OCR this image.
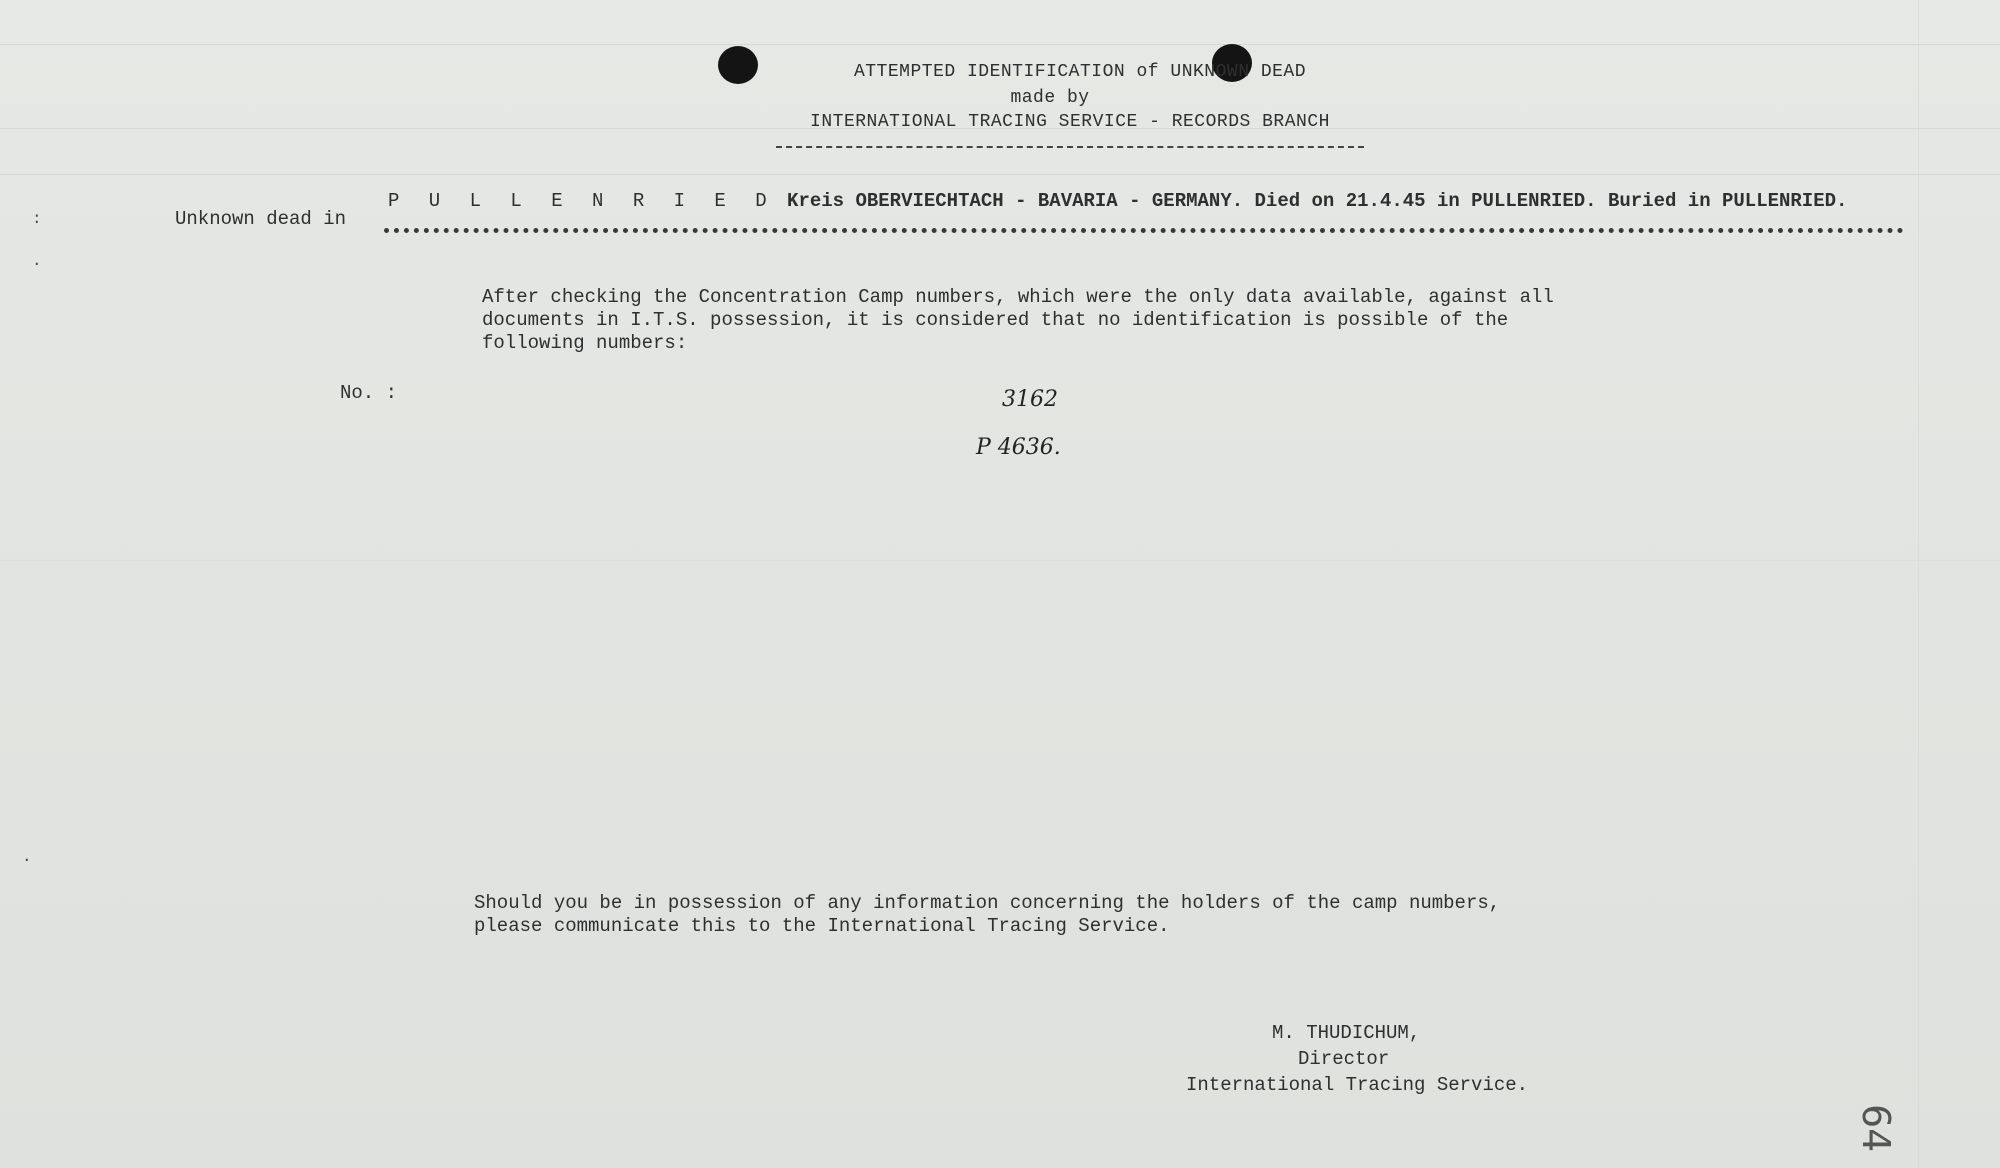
ATTEMPTED IDENTIFICATION of UNKNOWN DEAD
made by
INTERNATIONAL TRACING SERVICE - RECORDS BRANCH
Unknown dead in
P U L L E N R I E D Kreis OBERVIECHTACH - BAVARIA - GERMANY. Died on 21.4.45 in PULLENRIED. Buried in PULLENRIED.
After checking the Concentration Camp numbers, which were the only data available, against all
documents in I.T.S. possession, it is considered that no identification is possible of the
following numbers:
No. :	3162
P 4636.
Should you be in possession of any information concerning the holders of the camp numbers,
please communicate this to the International Tracing Service.
M. THUDICHUM,
Director
International Tracing Service.
64
:
.
.
